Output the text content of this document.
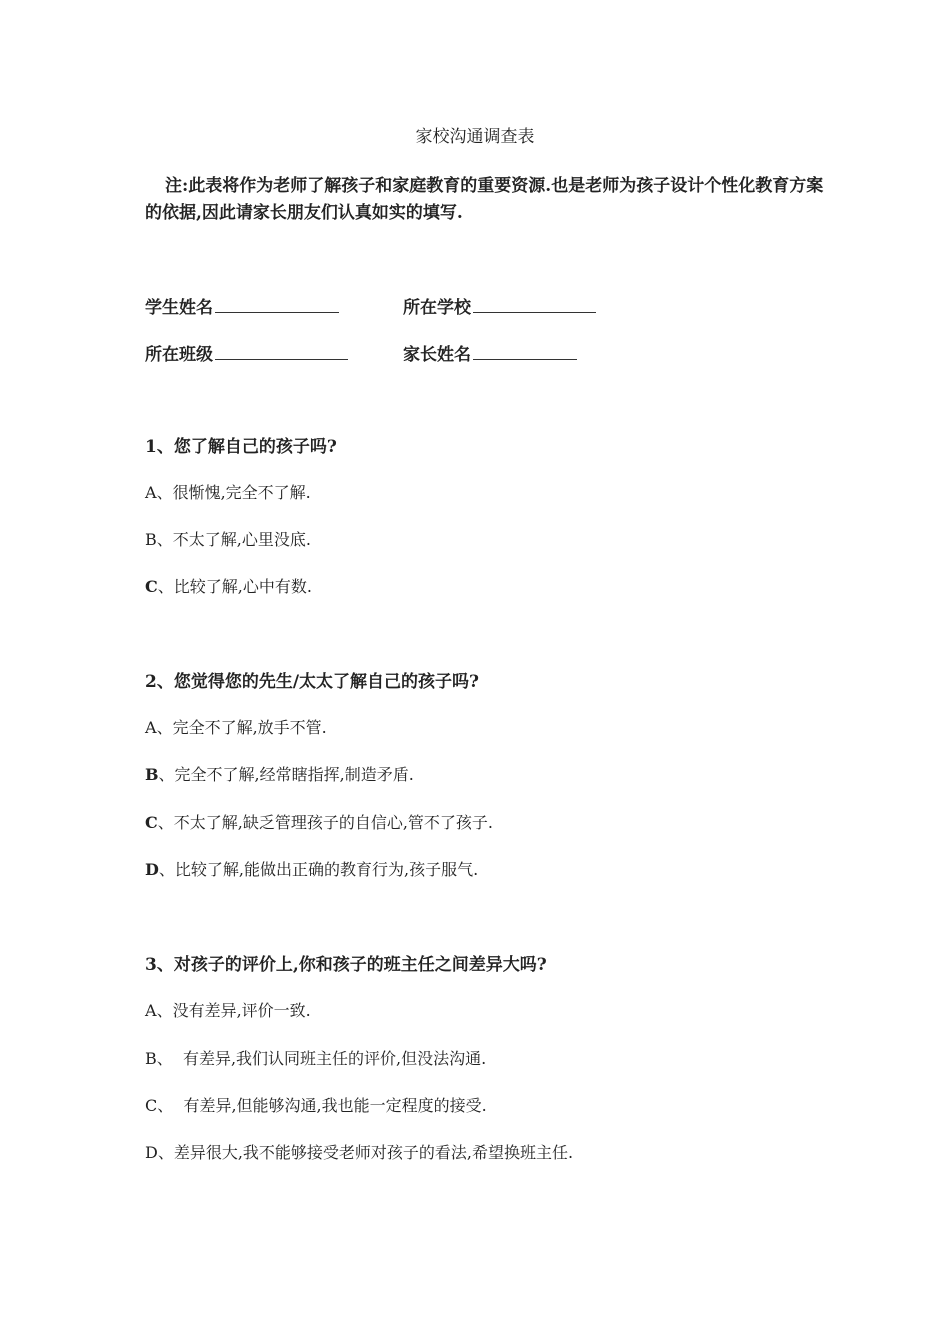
家校沟通调查表
注:此表将作为老师了解孩子和家庭教育的重要资源.也是老师为孩子设计个性化教育方案的依据,因此请家长朋友们认真如实的填写.
学生姓名	所在学校
所在班级	家长姓名
1、您了解自己的孩子吗?
A、很惭愧,完全不了解.
B、不太了解,心里没底.
C、比较了解,心中有数.
2、您觉得您的先生/太太了解自己的孩子吗?
A、完全不了解,放手不管.
B、完全不了解,经常瞎指挥,制造矛盾.
C、不太了解,缺乏管理孩子的自信心,管不了孩子.
D、比较了解,能做出正确的教育行为,孩子服气.
3、对孩子的评价上,你和孩子的班主任之间差异大吗?
A、没有差异,评价一致.
B、  有差异,我们认同班主任的评价,但没法沟通.
C、  有差异,但能够沟通,我也能一定程度的接受.
D、差异很大,我不能够接受老师对孩子的看法,希望换班主任.
